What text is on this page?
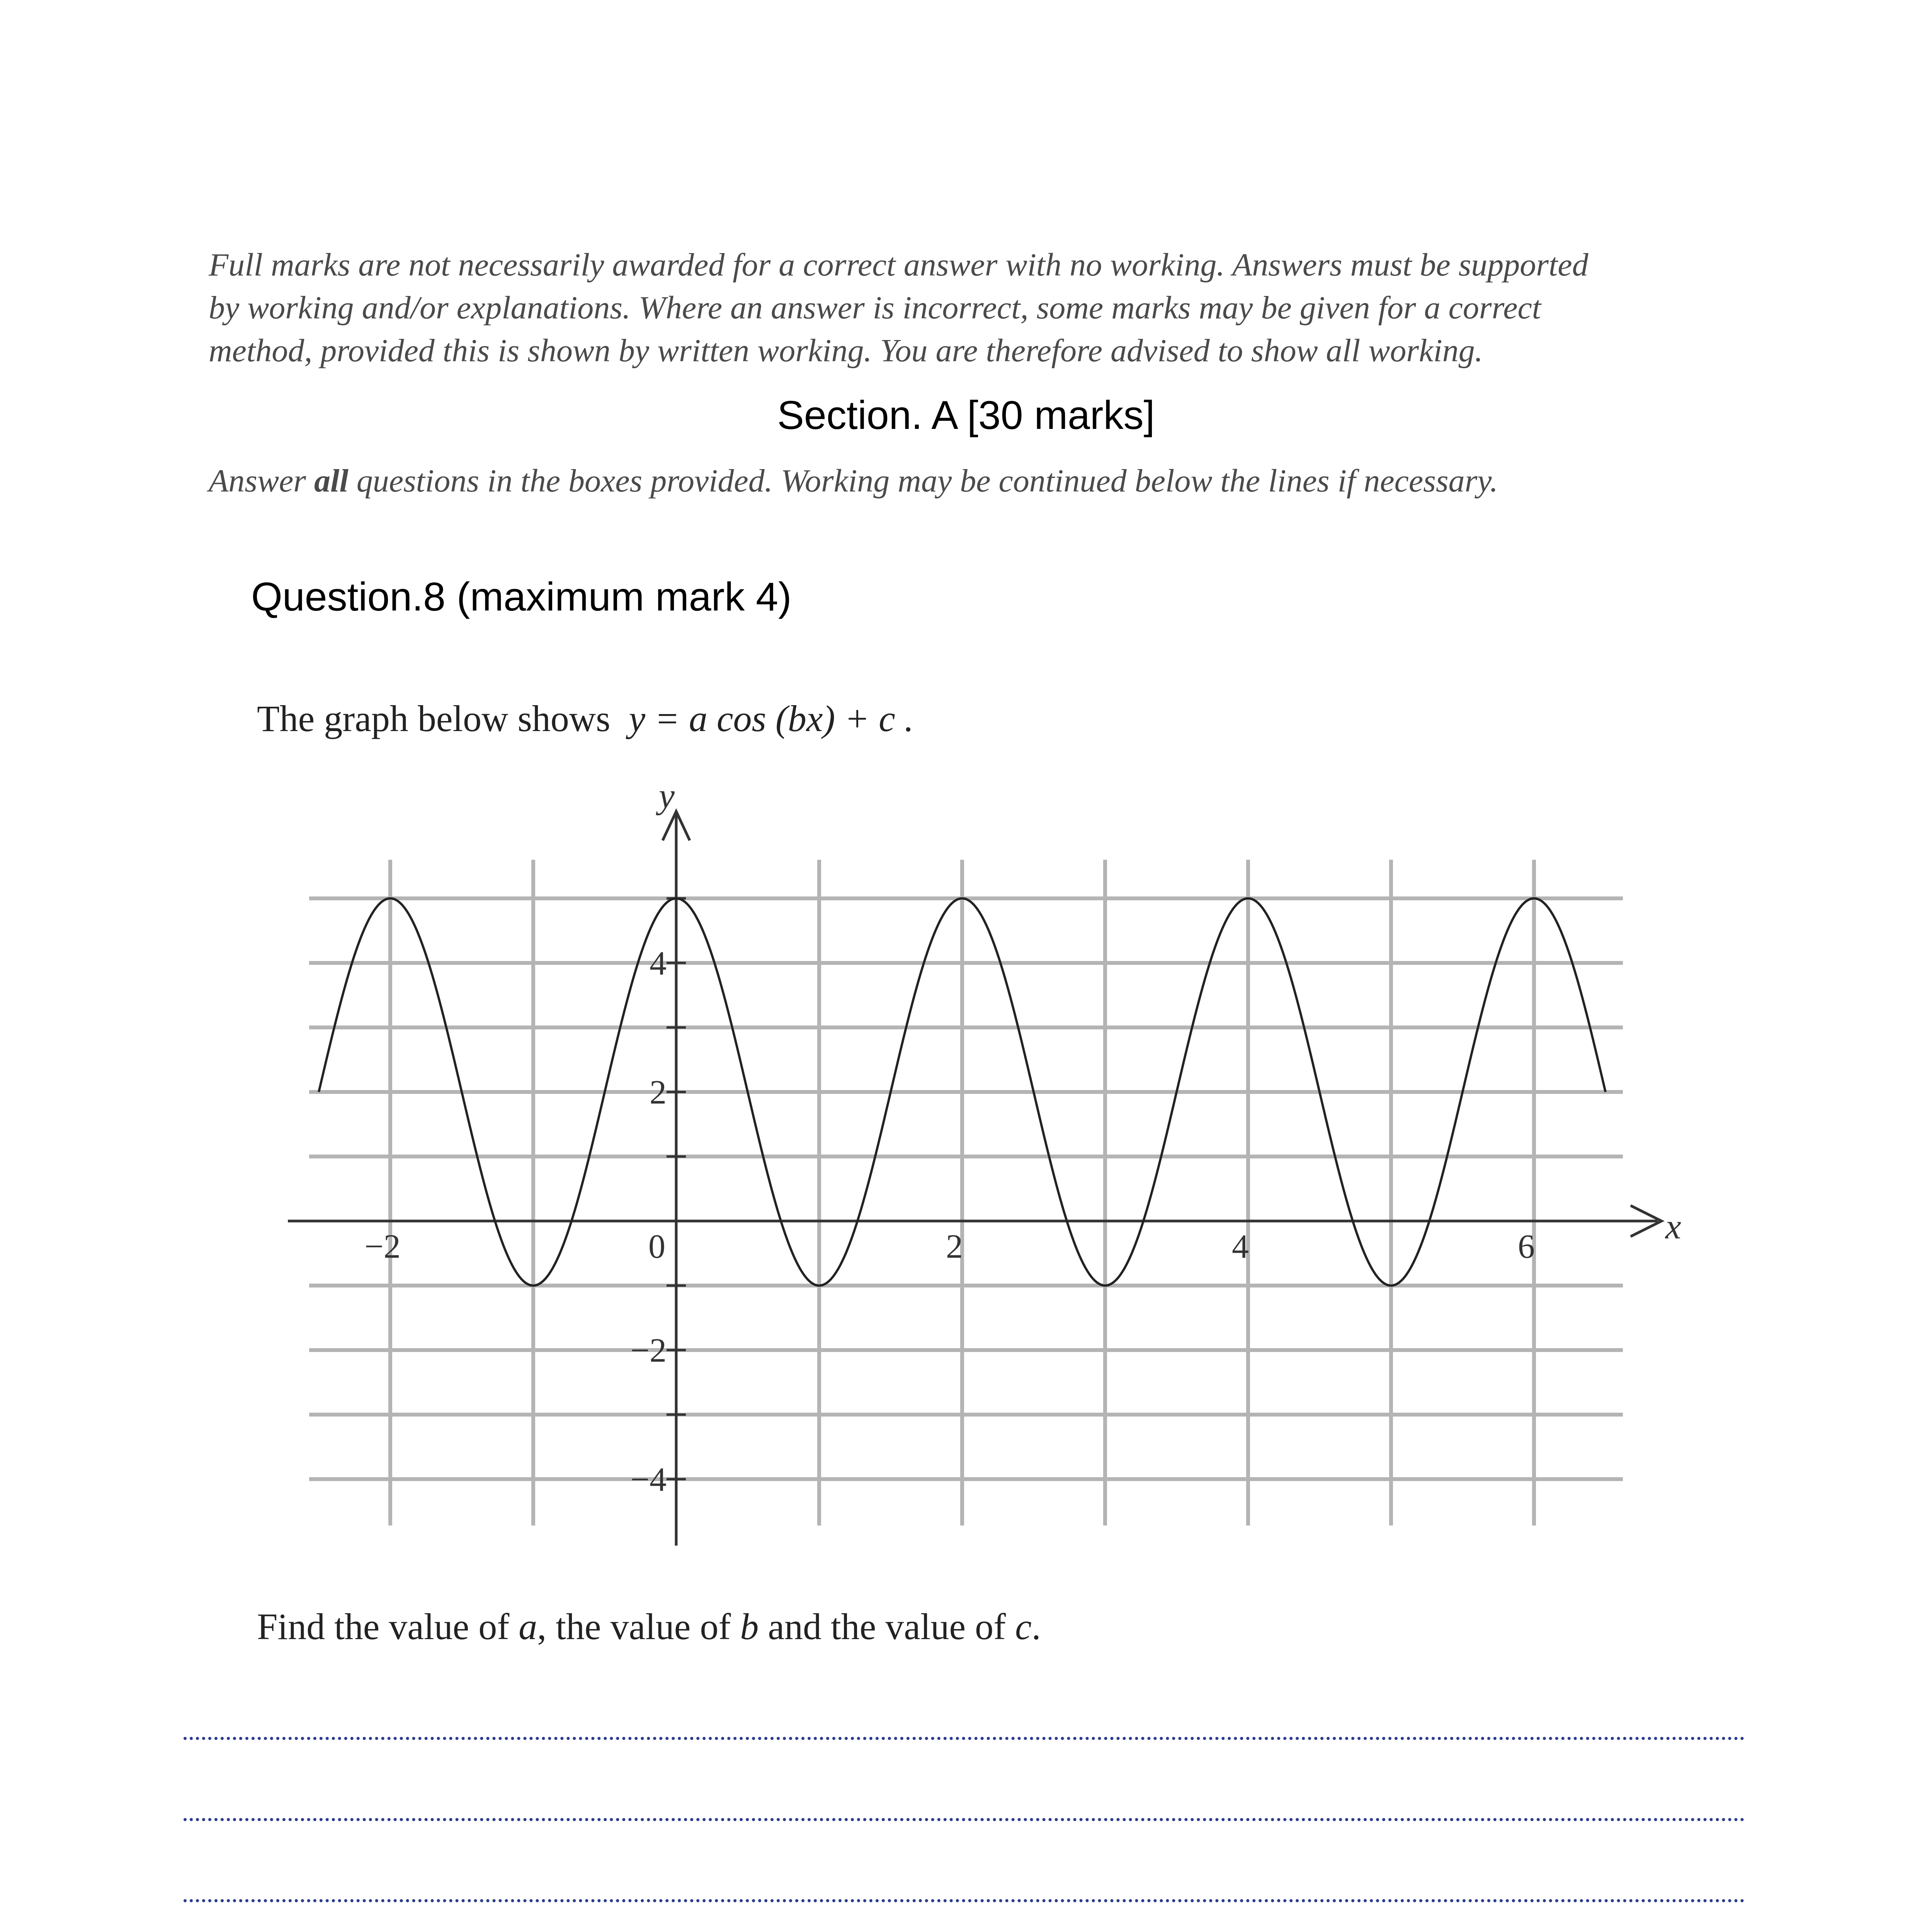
Full marks are not necessarily awarded for a correct answer with no working. Answers must be supported
by working and/or explanations. Where an answer is incorrect, some marks may be given for a correct
method, provided this is shown by written working. You are therefore advised to show all working.

Section. A [30 marks]

Answer all questions in the boxes provided. Working may be continued below the lines if necessary.

Question.8 (maximum mark 4)

The graph below shows y = a cos (bx) + c .

−2	0	2	4	6
4
2
−2
−4
x
y

Find the value of a, the value of b and the value of c.
